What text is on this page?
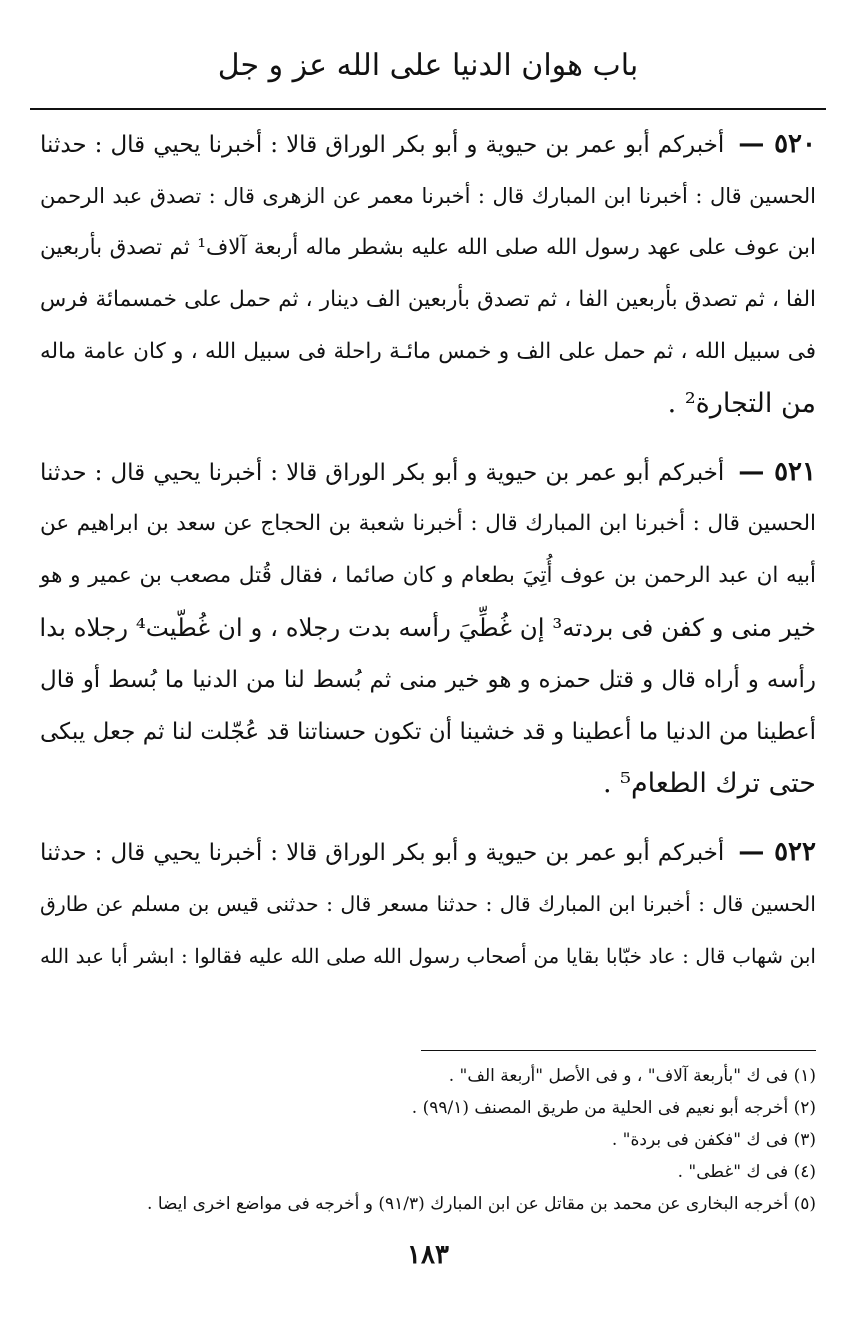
باب هوان الدنيا على الله عز و جل
٥٢٠ — أخبركم أبو عمر بن حيوية و أبو بكر الوراق قالا : أخبرنا يحيي قال : حدثنا
الحسين قال : أخبرنا ابن المبارك قال : أخبرنا معمر عن الزهرى قال : تصدق عبد الرحمن
ابن عوف على عهد رسول الله صلى الله عليه بشطر ماله أربعة آلاف¹ ثم تصدق بأربعين
الفا ، ثم تصدق بأربعين الفا ، ثم تصدق بأربعين الف دينار ، ثم حمل على خمسمائة فرس
فى سبيل الله ، ثم حمل على الف و خمس مائـة راحلة فى سبيل الله ، و كان عامة ماله
من التجارة² .
٥٢١ — أخبركم أبو عمر بن حيوية و أبو بكر الوراق قالا : أخبرنا يحيي قال : حدثنا
الحسين قال : أخبرنا ابن المبارك قال : أخبرنا شعبة بن الحجاج عن سعد بن ابراهيم عن
أبيه ان عبد الرحمن بن عوف أُتِيَ بطعام و كان صائما ، فقال قُتل مصعب بن عمير و هو
خير منى و كفن فى بردته³ إن غُطِّيَ رأسه بدت رجلاه ، و ان غُطّيت⁴ رجلاه بدا
رأسه و أراه قال و قتل حمزه و هو خير منى ثم بُسط لنا من الدنيا ما بُسط أو قال
أعطينا من الدنيا ما أعطينا و قد خشينا أن تكون حسناتنا قد عُجّلت لنا ثم جعل يبكى
حتى ترك الطعام⁵ .
٥٢٢ — أخبركم أبو عمر بن حيوية و أبو بكر الوراق قالا : أخبرنا يحيي قال : حدثنا
الحسين قال : أخبرنا ابن المبارك قال : حدثنا مسعر قال : حدثنى قيس بن مسلم عن طارق
ابن شهاب قال : عاد خبّابا بقايا من أصحاب رسول الله صلى الله عليه فقالوا : ابشر أبا عبد الله
(١) فى ك "بأربعة آلاف" ، و فى الأصل "أربعة الف" .
(٢) أخرجه أبو نعيم فى الحلية من طريق المصنف (٩٩/١) .
(٣) فى ك "فكفن فى بردة" .
(٤) فى ك "غطى" .
(٥) أخرجه البخارى عن محمد بن مقاتل عن ابن المبارك (٩١/٣) و أخرجه فى مواضع اخرى ايضا .
١٨٣
